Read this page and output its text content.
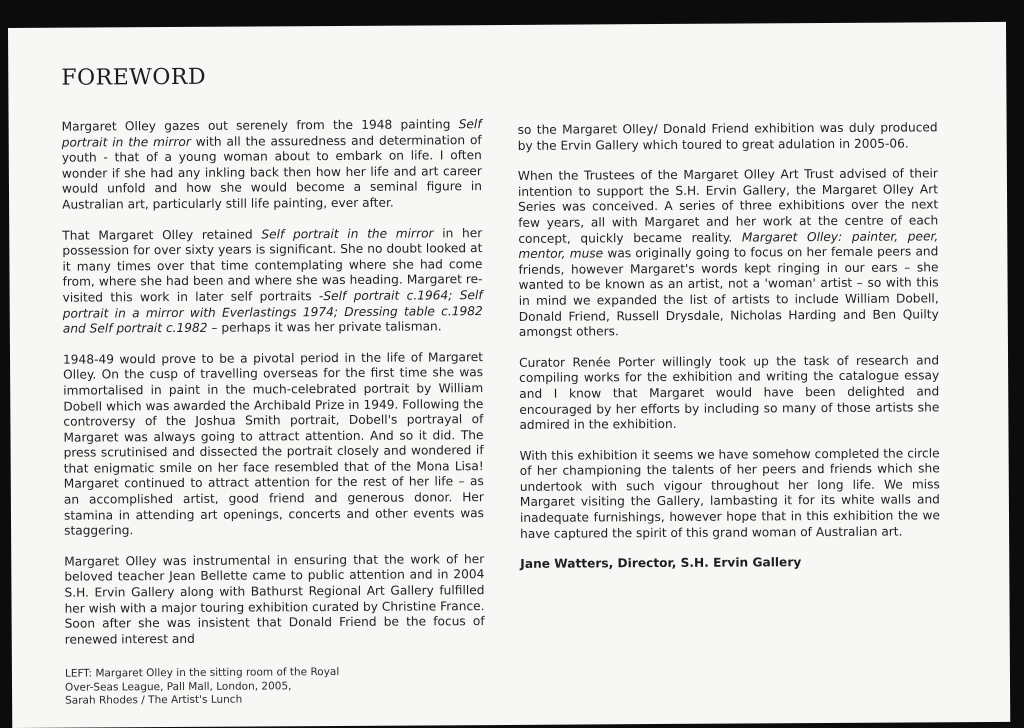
FOREWORD

Margaret Olley gazes out serenely from the 1948 painting Self portrait in the mirror with all the assuredness and determination of youth - that of a young woman about to embark on life. I often wonder if she had any inkling back then how her life and art career would unfold and how she would become a seminal figure in Australian art, particularly still life painting, ever after.

That Margaret Olley retained Self portrait in the mirror in her possession for over sixty years is significant. She no doubt looked at it many times over that time contemplating where she had come from, where she had been and where she was heading. Margaret re-visited this work in later self portraits -Self portrait c.1964; Self portrait in a mirror with Everlastings 1974; Dressing table c.1982 and Self portrait c.1982 – perhaps it was her private talisman.

1948-49 would prove to be a pivotal period in the life of Margaret Olley. On the cusp of travelling overseas for the first time she was immortalised in paint in the much-celebrated portrait by William Dobell which was awarded the Archibald Prize in 1949. Following the controversy of the Joshua Smith portrait, Dobell's portrayal of Margaret was always going to attract attention. And so it did. The press scrutinised and dissected the portrait closely and wondered if that enigmatic smile on her face resembled that of the Mona Lisa! Margaret continued to attract attention for the rest of her life – as an accomplished artist, good friend and generous donor. Her stamina in attending art openings, concerts and other events was staggering.

Margaret Olley was instrumental in ensuring that the work of her beloved teacher Jean Bellette came to public attention and in 2004 S.H. Ervin Gallery along with Bathurst Regional Art Gallery fulfilled her wish with a major touring exhibition curated by Christine France. Soon after she was insistent that Donald Friend be the focus of renewed interest and

so the Margaret Olley/ Donald Friend exhibition was duly produced by the Ervin Gallery which toured to great adulation in 2005-06.

When the Trustees of the Margaret Olley Art Trust advised of their intention to support the S.H. Ervin Gallery, the Margaret Olley Art Series was conceived. A series of three exhibitions over the next few years, all with Margaret and her work at the centre of each concept, quickly became reality. Margaret Olley: painter, peer, mentor, muse was originally going to focus on her female peers and friends, however Margaret's words kept ringing in our ears – she wanted to be known as an artist, not a 'woman' artist – so with this in mind we expanded the list of artists to include William Dobell, Donald Friend, Russell Drysdale, Nicholas Harding and Ben Quilty amongst others.

Curator Renée Porter willingly took up the task of research and compiling works for the exhibition and writing the catalogue essay and I know that Margaret would have been delighted and encouraged by her efforts by including so many of those artists she admired in the exhibition.

With this exhibition it seems we have somehow completed the circle of her championing the talents of her peers and friends which she undertook with such vigour throughout her long life. We miss Margaret visiting the Gallery, lambasting it for its white walls and inadequate furnishings, however hope that in this exhibition the we have captured the spirit of this grand woman of Australian art.

Jane Watters, Director, S.H. Ervin Gallery

LEFT: Margaret Olley in the sitting room of the Royal
Over-Seas League, Pall Mall, London, 2005,
Sarah Rhodes / The Artist's Lunch
